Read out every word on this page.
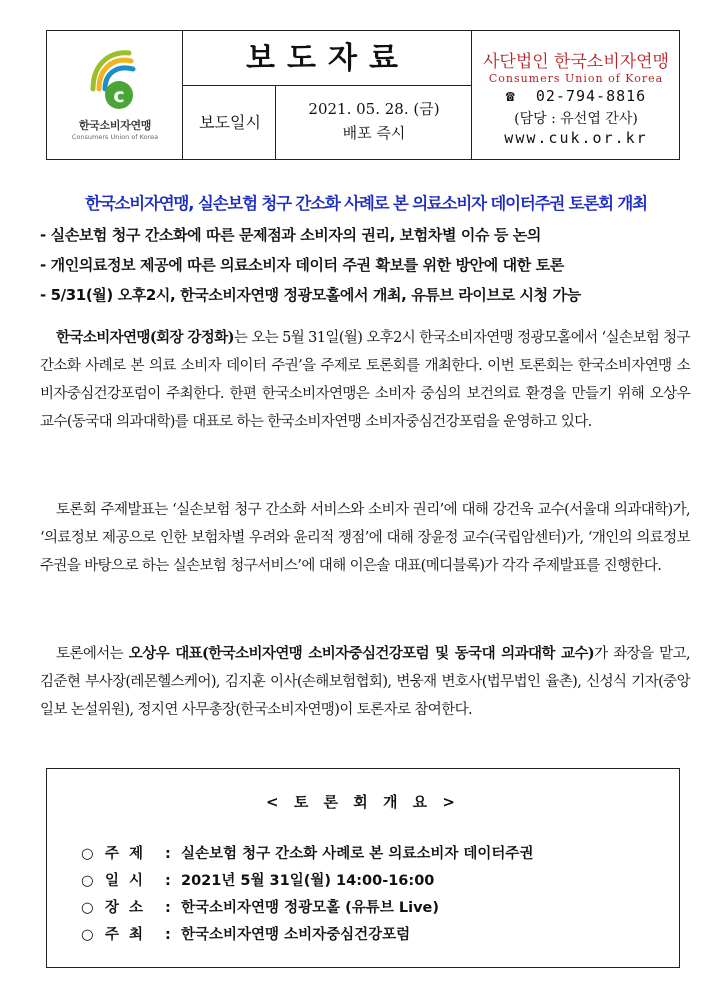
c
한국소비자연맹
Consumers Union of Korea
보도자료
보도일시
2021. 05. 28. (금)
배포 즉시
사단법인 한국소비자연맹
Consumers Union of Korea
☎ 02-794-8816
(담당 : 유선엽 간사)
www.cuk.or.kr
한국소비자연맹, 실손보험 청구 간소화 사례로 본 의료소비자 데이터주권 토론회 개최
- 실손보험 청구 간소화에 따른 문제점과 소비자의 권리, 보험차별 이슈 등 논의
- 개인의료정보 제공에 따른 의료소비자 데이터 주권 확보를 위한 방안에 대한 토론
- 5/31(월) 오후2시, 한국소비자연맹 정광모홀에서 개최, 유튜브 라이브로 시청 가능

한국소비자연맹(회장 강정화)는 오는 5월 31일(월) 오후2시 한국소비자연맹 정광모홀에서 ‘실손보험 청구 간소화 사례로 본 의료 소비자 데이터 주권’을 주제로 토론회를 개최한다. 이번 토론회는 한국소비자연맹 소비자중심건강포럼이 주최한다. 한편 한국소비자연맹은 소비자 중심의 보건의료 환경을 만들기 위해 오상우 교수(동국대 의과대학)를 대표로 하는 한국소비자연맹 소비자중심건강포럼을 운영하고 있다.

토론회 주제발표는 ‘실손보험 청구 간소화 서비스와 소비자 권리’에 대해 강건욱 교수(서울대 의과대학)가, ‘의료정보 제공으로 인한 보험차별 우려와 윤리적 쟁점’에 대해 장윤정 교수(국립암센터)가, ‘개인의 의료정보 주권을 바탕으로 하는 실손보험 청구서비스’에 대해 이은솔 대표(메디블록)가 각각 주제발표를 진행한다.

토론에서는 오상우 대표(한국소비자연맹 소비자중심건강포럼 및 동국대 의과대학 교수)가 좌장을 맡고, 김준현 부사장(레몬헬스케어), 김지훈 이사(손해보험협회), 변웅재 변호사(법무법인 율촌), 신성식 기자(중앙일보 논설위원), 정지연 사무총장(한국소비자연맹)이 토론자로 참여한다.

< 토 론 회 개 요 >
○ 주제 : 실손보험 청구 간소화 사례로 본 의료소비자 데이터주권
○ 일시 : 2021년 5월 31일(월) 14:00-16:00
○ 장소 : 한국소비자연맹 정광모홀 (유튜브 Live)
○ 주최 : 한국소비자연맹 소비자중심건강포럼
